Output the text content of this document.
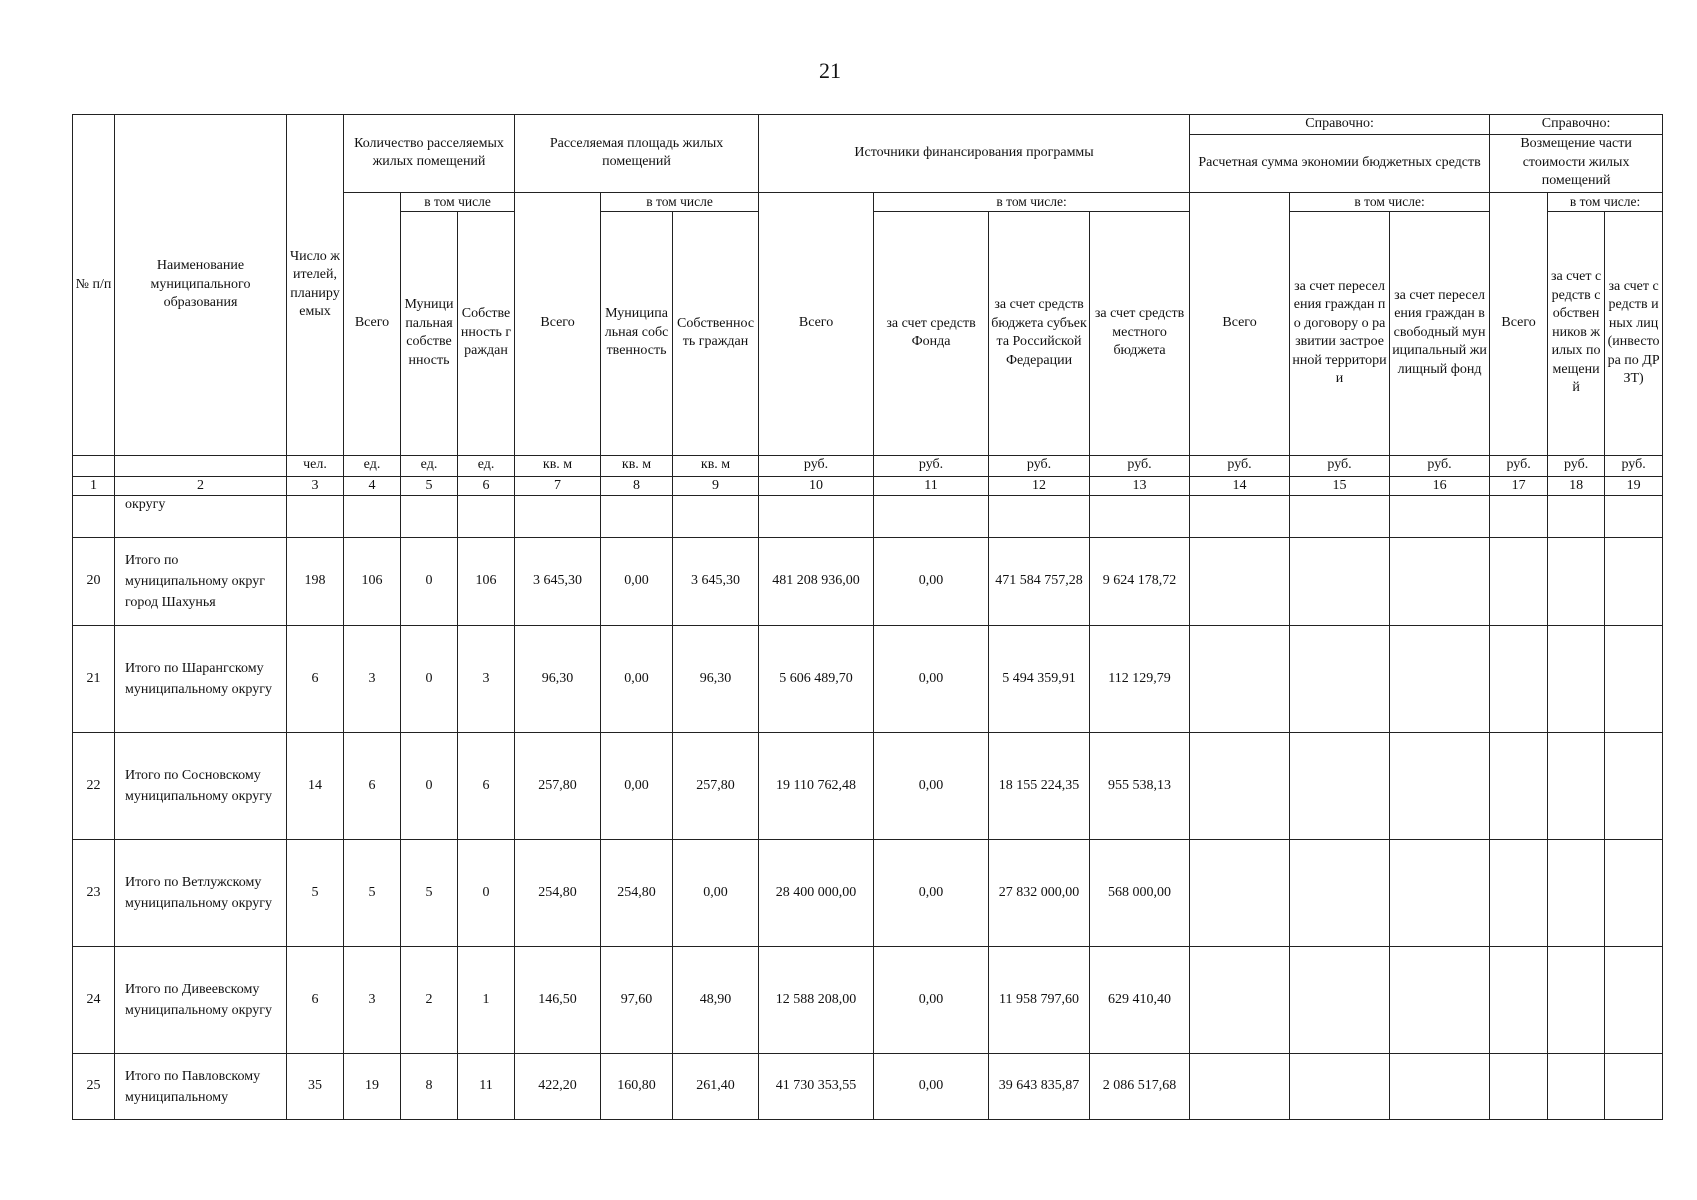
21
№ п/п	Наименование муниципального образования	Число жителей, планируемых	Количество расселяемых жилых помещений			Расселяемая площадь жилых помещений			Источники финансирования программы				Справочно:			Справочно:		
													Расчетная сумма экономии бюджетных средств			Возмещение части стоимости жилых помещений		
			Всего	в том числе		Всего	в том числе		Всего	в том числе:			Всего	в том числе:		Всего	в том числе:	
				Муниципальная собственность	Собственность граждан		Муниципальная собственность	Собственность граждан		за счет средств Фонда	за счет средств бюджета субъекта Российской Федерации	за счет средств местного бюджета		за счет переселения граждан по договору о развитии застроенной территории	за счет переселения граждан в свободный муниципальный жилищный фонд		за счет средств собственников жилых помещений	за счет средств иных лиц (инвестора по ДРЗТ)
		чел.	ед.	ед.	ед.	кв. м	кв. м	кв. м	руб.	руб.	руб.	руб.	руб.	руб.	руб.	руб.	руб.	руб.
1	2	3	4	5	6	7	8	9	10	11	12	13	14	15	16	17	18	19
	округу																	
20	Итого по муниципальному округ город Шахунья	198	106	0	106	3 645,30	0,00	3 645,30	481 208 936,00	0,00	471 584 757,28	9 624 178,72						
21	Итого по Шарангскому муниципальному округу	6	3	0	3	96,30	0,00	96,30	5 606 489,70	0,00	5 494 359,91	112 129,79						
22	Итого по Сосновскому муниципальному округу	14	6	0	6	257,80	0,00	257,80	19 110 762,48	0,00	18 155 224,35	955 538,13						
23	Итого по Ветлужскому муниципальному округу	5	5	5	0	254,80	254,80	0,00	28 400 000,00	0,00	27 832 000,00	568 000,00						
24	Итого по Дивеевскому муниципальному округу	6	3	2	1	146,50	97,60	48,90	12 588 208,00	0,00	11 958 797,60	629 410,40						
25	Итого по Павловскому муниципальному	35	19	8	11	422,20	160,80	261,40	41 730 353,55	0,00	39 643 835,87	2 086 517,68						
